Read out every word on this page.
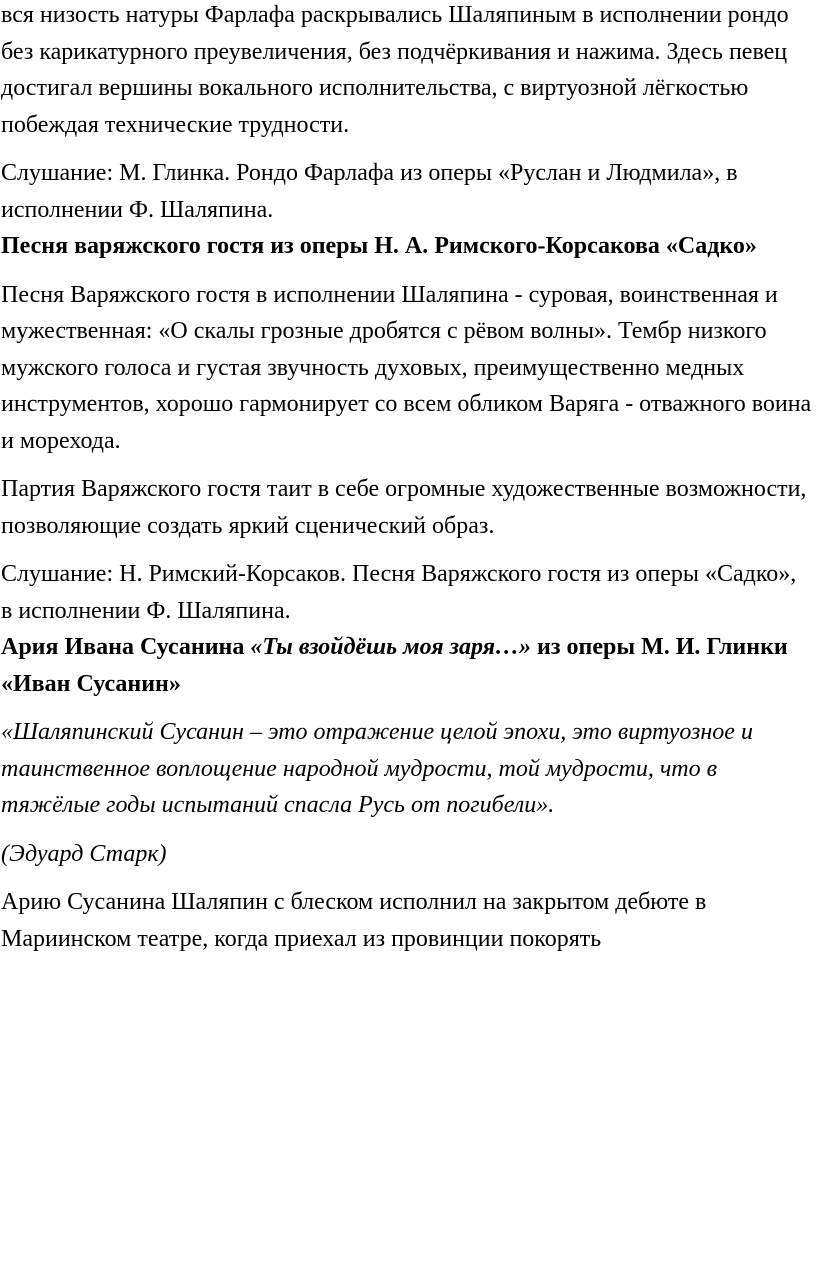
вся низость натуры Фарлафа раскрывались Шаляпиным в исполнении рондо без карикатурного преувеличения, без подчёркивания и нажима. Здесь певец достигал вершины вокального исполнительства, с виртуозной лёгкостью побеждая технические трудности.

Слушание: М. Глинка. Рондо Фарлафа из оперы «Руслан и Людмила», в исполнении Ф. Шаляпина.

Песня варяжского гостя из оперы Н. А. Римского-Корсакова «Садко»

Песня Варяжского гостя в исполнении Шаляпина - суровая, воинственная и мужественная: «О скалы грозные дробятся с рёвом волны». Тембр низкого мужского голоса и густая звучность духовых, преимущественно медных инструментов, хорошо гармонирует со всем обликом Варяга - отважного воина и морехода.

Партия Варяжского гостя таит в себе огромные художественные возможности, позволяющие создать яркий сценический образ.

Слушание: Н. Римский-Корсаков. Песня Варяжского гостя из оперы «Садко», в исполнении Ф. Шаляпина.

Ария Ивана Сусанина «Ты взойдёшь моя заря…» из оперы М. И. Глинки «Иван Сусанин»

«Шаляпинский Сусанин – это отражение целой эпохи, это виртуозное и таинственное воплощение народной мудрости, той мудрости, что в тяжёлые годы испытаний спасла Русь от погибели».

(Эдуард Старк)

Арию Сусанина Шаляпин с блеском исполнил на закрытом дебюте в Мариинском театре, когда приехал из провинции покорять
